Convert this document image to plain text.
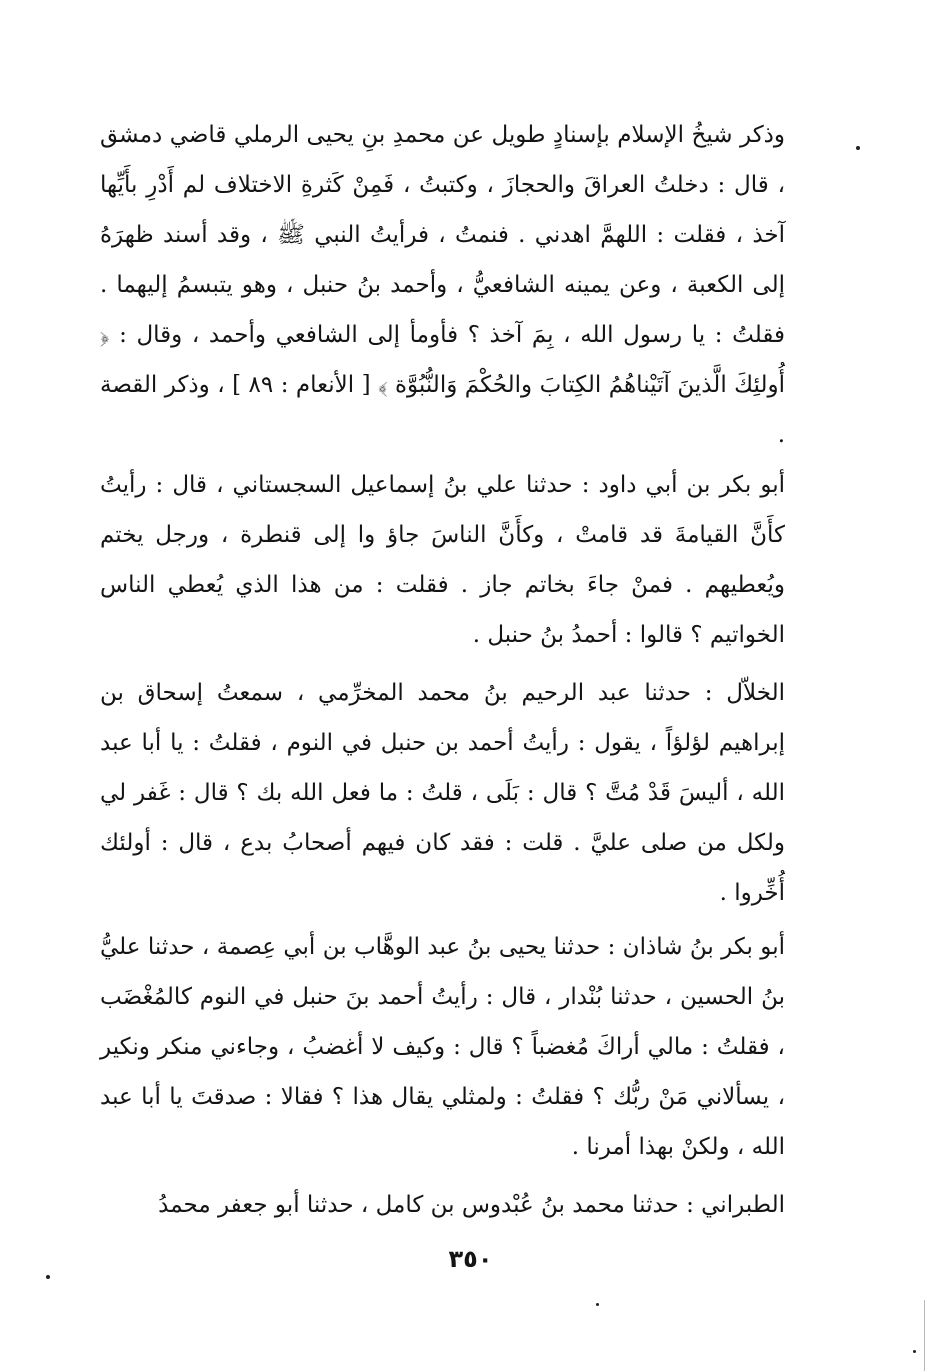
وذكر شيخُ الإسلام بإسنادٍ طويل عن محمدِ بنِ يحيى الرملي قاضي دمشق ، قال : دخلتُ العراقَ والحجازَ ، وكتبتُ ، فَمِنْ كَثرةِ الاختلاف لم أَدْرِ بأَيِّها آخذ ، فقلت : اللهمَّ اهدني . فنمتُ ، فرأيتُ النبي ﷺ ، وقد أسند ظهرَهُ إلى الكعبة ، وعن يمينه الشافعيُّ ، وأحمد بنُ حنبل ، وهو يتبسمُ إليهما . فقلتُ : يا رسول الله ، بِمَ آخذ ؟ فأومأ إلى الشافعي وأحمد ، وقال : ﴿ أُولئِكَ الَّذينَ آتَيْناهُمُ الكِتابَ والحُكْمَ وَالنُّبُوَّة ﴾ [ الأنعام : ٨٩ ] ، وذكر القصة .

أبو بكر بن أبي داود : حدثنا علي بنُ إسماعيل السجستاني ، قال : رأيتُ كأَنَّ القيامةَ قد قامتْ ، وكأَنَّ الناسَ جاؤ وا إلى قنطرة ، ورجل يختم ويُعطيهم . فمنْ جاءَ بخاتم جاز . فقلت : من هذا الذي يُعطي الناس الخواتيم ؟ قالوا : أحمدُ بنُ حنبل .

الخلاّل : حدثنا عبد الرحيم بنُ محمد المخرِّمي ، سمعتُ إسحاق بن إبراهيم لؤلؤاً ، يقول : رأيتُ أحمد بن حنبل في النوم ، فقلتُ : يا أبا عبد الله ، أليسَ قَدْ مُتَّ ؟ قال : بَلَى ، قلتُ : ما فعل الله بك ؟ قال : غَفر لي ولكل من صلى عليَّ . قلت : فقد كان فيهم أصحابُ بدع ، قال : أولئك أُخِّروا .

أبو بكر بنُ شاذان : حدثنا يحيى بنُ عبد الوهَّاب بن أبي عِصمة ، حدثنا عليُّ بنُ الحسين ، حدثنا بُنْدار ، قال : رأيتُ أحمد بنَ حنبل في النوم كالمُغْضَب ، فقلتُ : مالي أراكَ مُغضباً ؟ قال : وكيف لا أغضبُ ، وجاءني منكر ونكير ، يسألاني مَنْ ربُّك ؟ فقلتُ : ولمثلي يقال هذا ؟ فقالا : صدقتَ يا أبا عبد الله ، ولكنْ بهذا أمرنا .

الطبراني : حدثنا محمد بنُ عُبْدوس بن كامل ، حدثنا أبو جعفر محمدُ

٣٥٠
